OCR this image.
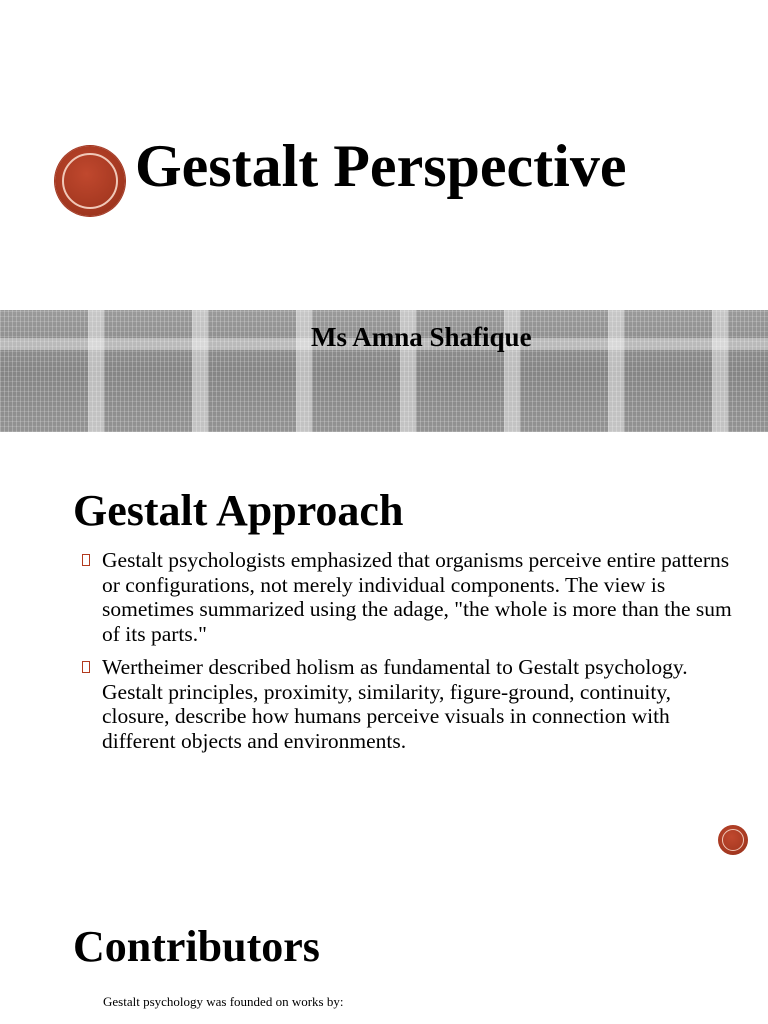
Gestalt Perspective
Ms Amna Shafique
Gestalt Approach
Gestalt psychologists emphasized that organisms perceive entire patterns or configurations, not merely individual components. The view is sometimes summarized using the adage, "the whole is more than the sum of its parts."
Wertheimer described holism as fundamental to Gestalt psychology. Gestalt principles, proximity, similarity, figure-ground, continuity, closure, describe how humans perceive visuals in connection with different objects and environments.
Contributors

Gestalt psychology was founded on works by:
